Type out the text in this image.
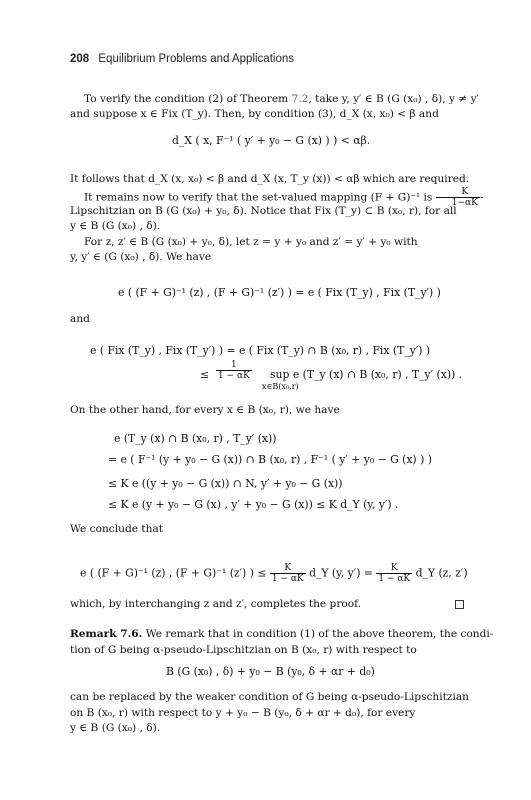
208 Equilibrium Problems and Applications
To verify the condition (2) of Theorem 7.2, take y, y′ ∈ B (G (x₀) , δ), y ≠ y′
and suppose x ∈ Fix (T_y). Then, by condition (3), d_X (x, x₀) < β and
d_X ( x, F⁻¹ ( y′ + y₀ − G (x) ) ) < αβ.
It follows that d_X (x, x₀) < β and d_X (x, T_y (x)) < αβ which are required.
It remains now to verify that the set-valued mapping (F + G)⁻¹ is $\frac{K}{1-\alpha K}$ -
Lipschitzian on B (G (x₀) + y₀, δ). Notice that Fix (T_y) ⊂ B (x₀, r), for all
y ∈ B (G (x₀) , δ).
For z, z′ ∈ B (G (x₀) + y₀, δ), let z = y + y₀ and z′ = y′ + y₀ with
y, y′ ∈ (G (x₀) , δ). We have
e ( (F + G)⁻¹ (z) , (F + G)⁻¹ (z′) ) = e ( Fix (T_y) , Fix (T_y′) )
and
e ( Fix (T_y) , Fix (T_y′) ) = e ( Fix (T_y) ∩ B (x₀, r) , Fix (T_y′) )
≤ $\frac{1}{1 - \alpha K}$ sup e (T_y (x) ∩ B (x₀, r) , T_y′ (x)) .
x∈B(x₀,r)
On the other hand, for every x ∈ B (x₀, r), we have
e (T_y (x) ∩ B (x₀, r) , T_y′ (x))
= e ( F⁻¹ (y + y₀ − G (x)) ∩ B (x₀, r) , F⁻¹ ( y′ + y₀ − G (x) ) )
≤ K e ((y + y₀ − G (x)) ∩ N, y′ + y₀ − G (x))
≤ K e (y + y₀ − G (x) , y′ + y₀ − G (x)) ≤ K d_Y (y, y′) .
We conclude that
e ( (F + G)⁻¹ (z) , (F + G)⁻¹ (z′) ) ≤ $\frac{K}{1 - \alpha K}$ d_Y (y, $y') = \frac{K}{1 - \alpha K}$ d_Y (z, z′)
which, by interchanging z and z′, completes the proof.
Remark 7.6. We remark that in condition (1) of the above theorem, the condi-
tion of G being α-pseudo-Lipschitzian on B (x₀, r) with respect to
B (G (x₀) , δ) + y₀ − B (y₀, δ + αr + d₀)
can be replaced by the weaker condition of G being α-pseudo-Lipschitzian
on B (x₀, r) with respect to y + y₀ − B (y₀, δ + αr + d₀), for every
y ∈ B (G (x₀) , δ).
